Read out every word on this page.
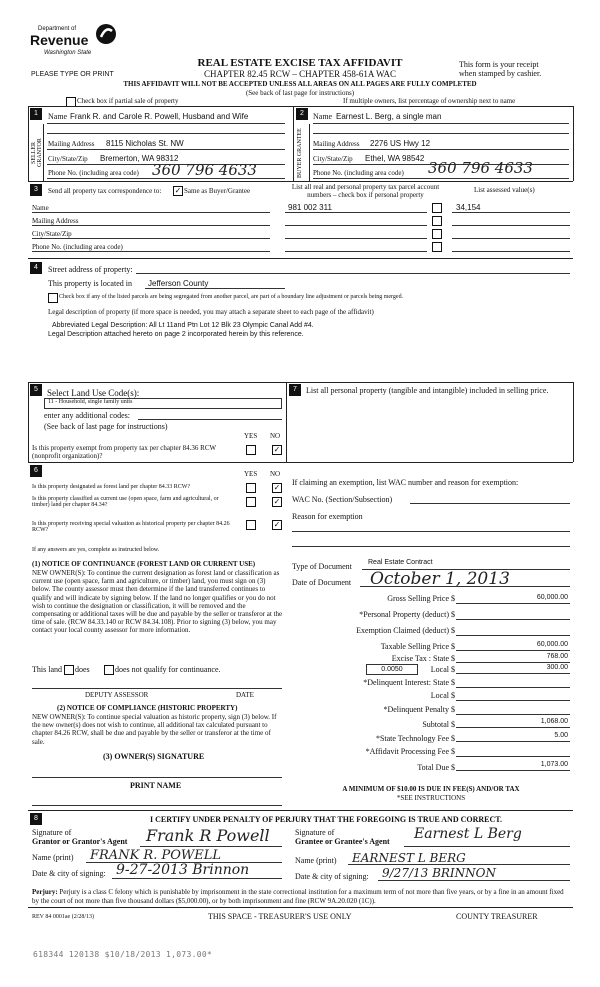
Department of
Revenue
Washington State
PLEASE TYPE OR PRINT
REAL ESTATE EXCISE TAX AFFIDAVIT
CHAPTER 82.45 RCW – CHAPTER 458-61A WAC
THIS AFFIDAVIT WILL NOT BE ACCEPTED UNLESS ALL AREAS ON ALL PAGES ARE FULLY COMPLETED
(See back of last page for instructions)
This form is your receipt
when stamped by cashier.
Check box if partial sale of property	If multiple owners, list percentage of ownership next to name
1
SELLER GRANTOR
Name Frank R. and Carole R. Powell, Husband and Wife
Mailing Address 8115 Nicholas St. NW
City/State/Zip Bremerton, WA 98312
Phone No. (including area code) 360 796 4633
2
BUYER GRANTEE
Name Earnest L. Berg, a single man
Mailing Address 2276 US Hwy 12
City/State/Zip Ethel, WA 98542
Phone No. (including area code) 360 796 4633
3	Send all property tax correspondence to: ✓ Same as Buyer/Grantee
Name
Mailing Address
City/State/Zip
Phone No. (including area code)
List all real and personal property tax parcel account numbers – check box if personal property
List assessed value(s)
981 002 311	34,154
4	Street address of property:
This property is located in Jefferson County
Check box if any of the listed parcels are being segregated from another parcel, are part of a boundary line adjustment or parcels being merged.
Legal description of property (if more space is needed, you may attach a separate sheet to each page of the affidavit)
Abbreviated Legal Description: All Lt 11and Ptn Lot 12 Blk 23 Olympic Canal Add #4.
Legal Description attached hereto on page 2 incorporated herein by this reference.
5	Select Land Use Code(s):
11 - Household, single family units
enter any additional codes:
(See back of last page for instructions)
YES NO
Is this property exempt from property tax per chapter 84.36 RCW (nonprofit organization)?
✓
7	List all personal property (tangible and intangible) included in selling price.
6	YES NO
Is this property designated as forest land per chapter 84.33 RCW?	✓
Is this property classified as current use (open space, farm and agricultural, or timber) land per chapter 84.34?	✓
Is this property receiving special valuation as historical property per chapter 84.26 RCW?
✓
If any answers are yes, complete as instructed below.
(1) NOTICE OF CONTINUANCE (FOREST LAND OR CURRENT USE)
NEW OWNER(S): To continue the current designation as forest land or classification as current use (open space, farm and agriculture, or timber) land, you must sign on (3) below. The county assessor must then determine if the land transferred continues to qualify and will indicate by signing below. If the land no longer qualifies or you do not wish to continue the designation or classification, it will be removed and the compensating or additional taxes will be due and payable by the seller or transferor at the time of sale. (RCW 84.33.140 or RCW 84.34.108). Prior to signing (3) below, you may contact your local county assessor for more information.
This land does	does not qualify for continuance.
DEPUTY ASSESSOR	DATE
(2) NOTICE OF COMPLIANCE (HISTORIC PROPERTY)
NEW OWNER(S): To continue special valuation as historic property, sign (3) below. If the new owner(s) does not wish to continue, all additional tax calculated pursuant to chapter 84.26 RCW, shall be due and payable by the seller or transferor at the time of sale.
(3) OWNER(S) SIGNATURE
PRINT NAME
If claiming an exemption, list WAC number and reason for exemption:
WAC No. (Section/Subsection)
Reason for exemption
Type of Document Real Estate Contract
Date of Document October 1, 2013
Gross Selling Price $	60,000.00
*Personal Property (deduct) $
Exemption Claimed (deduct) $
Taxable Selling Price $	60,000.00
Excise Tax : State $	768.00
0.0050	Local $	300.00
*Delinquent Interest: State $
Local $
*Delinquent Penalty $
Subtotal $	1,068.00
*State Technology Fee $	5.00
*Affidavit Processing Fee $
Total Due $	1,073.00
A MINIMUM OF $10.00 IS DUE IN FEE(S) AND/OR TAX
*SEE INSTRUCTIONS
8	I CERTIFY UNDER PENALTY OF PERJURY THAT THE FOREGOING IS TRUE AND CORRECT.
Signature of
Grantor or Grantor's Agent Frank R Powell
Name (print) FRANK R. POWELL
Date & city of signing: 9-27-2013 Brinnon
Signature of
Grantee or Grantee's Agent Earnest L Berg
Name (print) EARNEST L BERG
Date & city of signing: 9/27/13 BRINNON
Perjury: Perjury is a class C felony which is punishable by imprisonment in the state correctional institution for a maximum term of not more than five years, or by a fine in an amount fixed by the court of not more than five thousand dollars ($5,000.00), or by both imprisonment and fine (RCW 9A.20.020 (1C)).
REV 84 0001ae (2/28/13)	THIS SPACE - TREASURER'S USE ONLY	COUNTY TREASURER
618344 120138 $10/18/2013 1,073.00*
